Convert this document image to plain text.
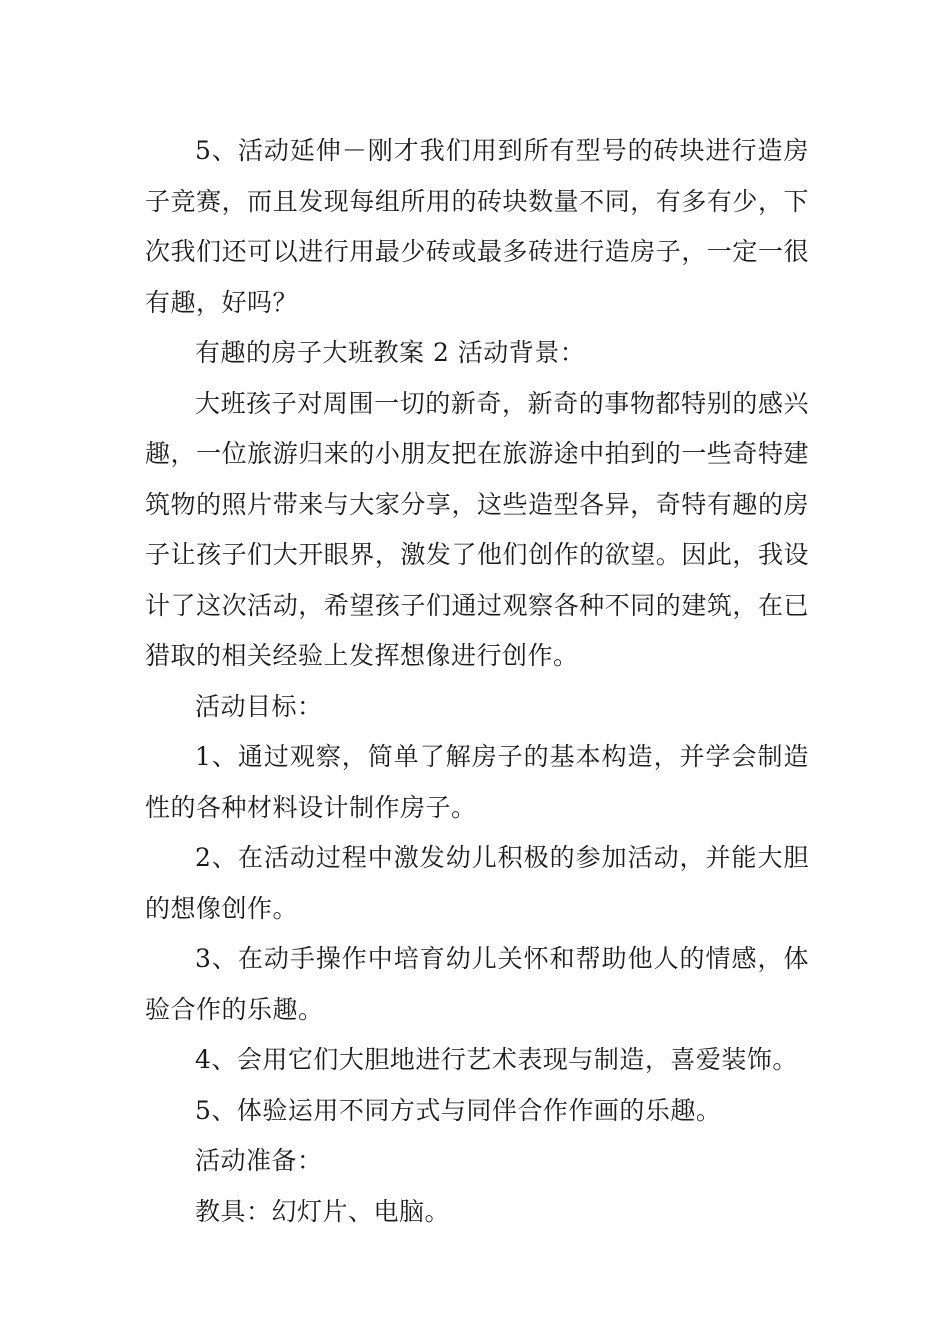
5、活动延伸－刚才我们用到所有型号的砖块进行造房子竞赛，而且发现每组所用的砖块数量不同，有多有少，下次我们还可以进行用最少砖或最多砖进行造房子，一定一很有趣，好吗？

有趣的房子大班教案 2 活动背景：

大班孩子对周围一切的新奇，新奇的事物都特别的感兴趣，一位旅游归来的小朋友把在旅游途中拍到的一些奇特建筑物的照片带来与大家分享，这些造型各异，奇特有趣的房子让孩子们大开眼界，激发了他们创作的欲望。因此，我设计了这次活动，希望孩子们通过观察各种不同的建筑，在已猎取的相关经验上发挥想像进行创作。

活动目标：

1、通过观察，简单了解房子的基本构造，并学会制造性的各种材料设计制作房子。

2、在活动过程中激发幼儿积极的参加活动，并能大胆的想像创作。

3、在动手操作中培育幼儿关怀和帮助他人的情感，体验合作的乐趣。

4、会用它们大胆地进行艺术表现与制造，喜爱装饰。

5、体验运用不同方式与同伴合作作画的乐趣。

活动准备：

教具：幻灯片、电脑。
